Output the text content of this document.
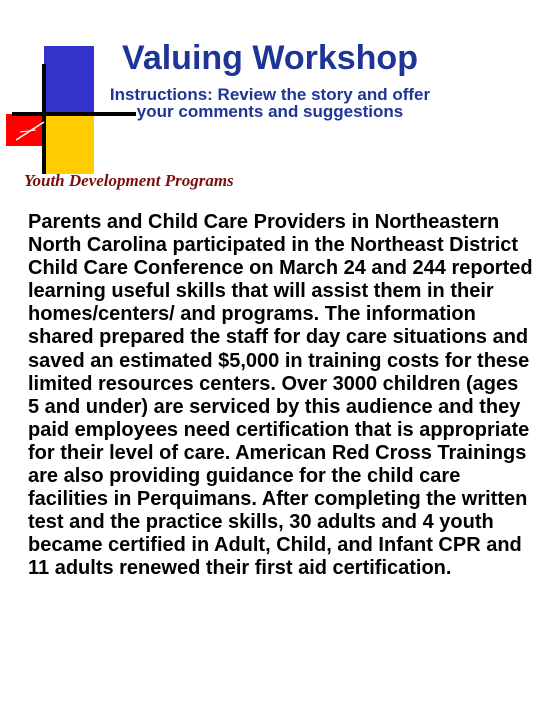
Valuing Workshop

Instructions: Review the story and offer your comments and suggestions

Youth Development Programs

Parents and Child Care Providers in Northeastern North Carolina participated in the Northeast District Child Care Conference on March 24 and 244 reported learning useful skills that will assist them in their homes/centers/ and programs. The information shared prepared the staff for day care situations and saved an estimated $5,000 in training costs for these limited resources centers. Over 3000 children (ages 5 and under) are serviced by this audience and they paid employees need certification that is appropriate for their level of care. American Red Cross Trainings are also providing guidance for the child care facilities in Perquimans. After completing the written test and the practice skills, 30 adults and 4 youth became certified in Adult, Child, and Infant CPR and 11 adults renewed their first aid certification.
